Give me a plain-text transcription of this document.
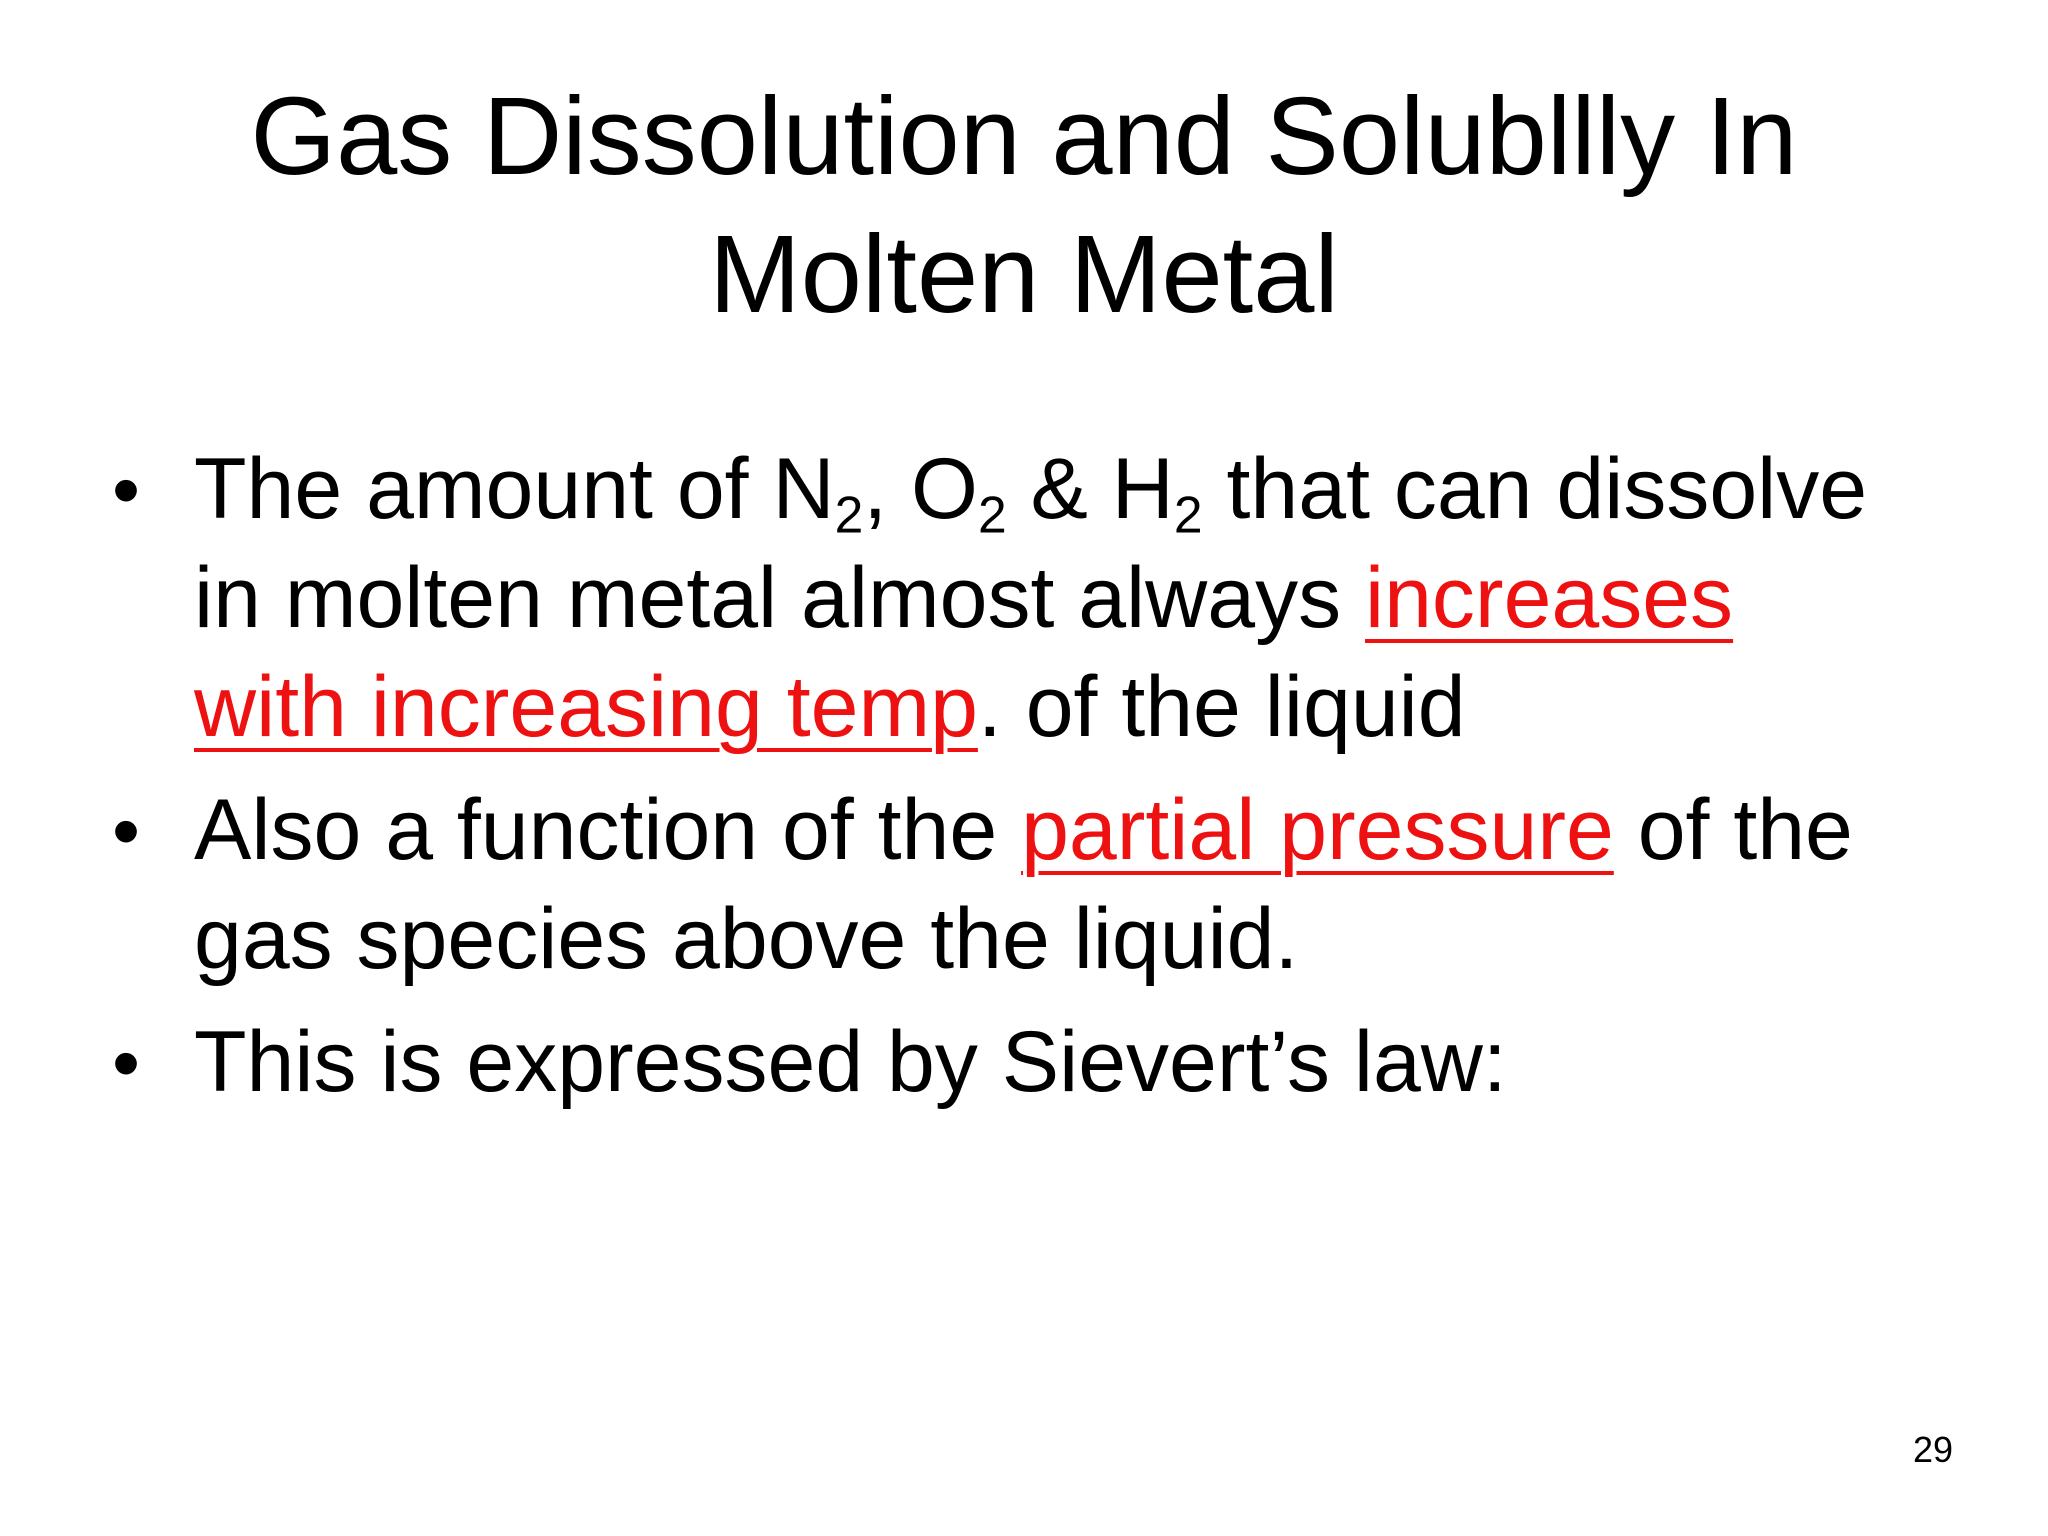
Gas Dissolution and Solubllly In
Molten Metal
• The amount of $N_2$, $O_2$ & $H_2$ that can dissolve in molten metal almost always increases with increasing temp. of the liquid
• Also a function of the partial pressure of the gas species above the liquid.
• This is expressed by Sievert’s law:
29
